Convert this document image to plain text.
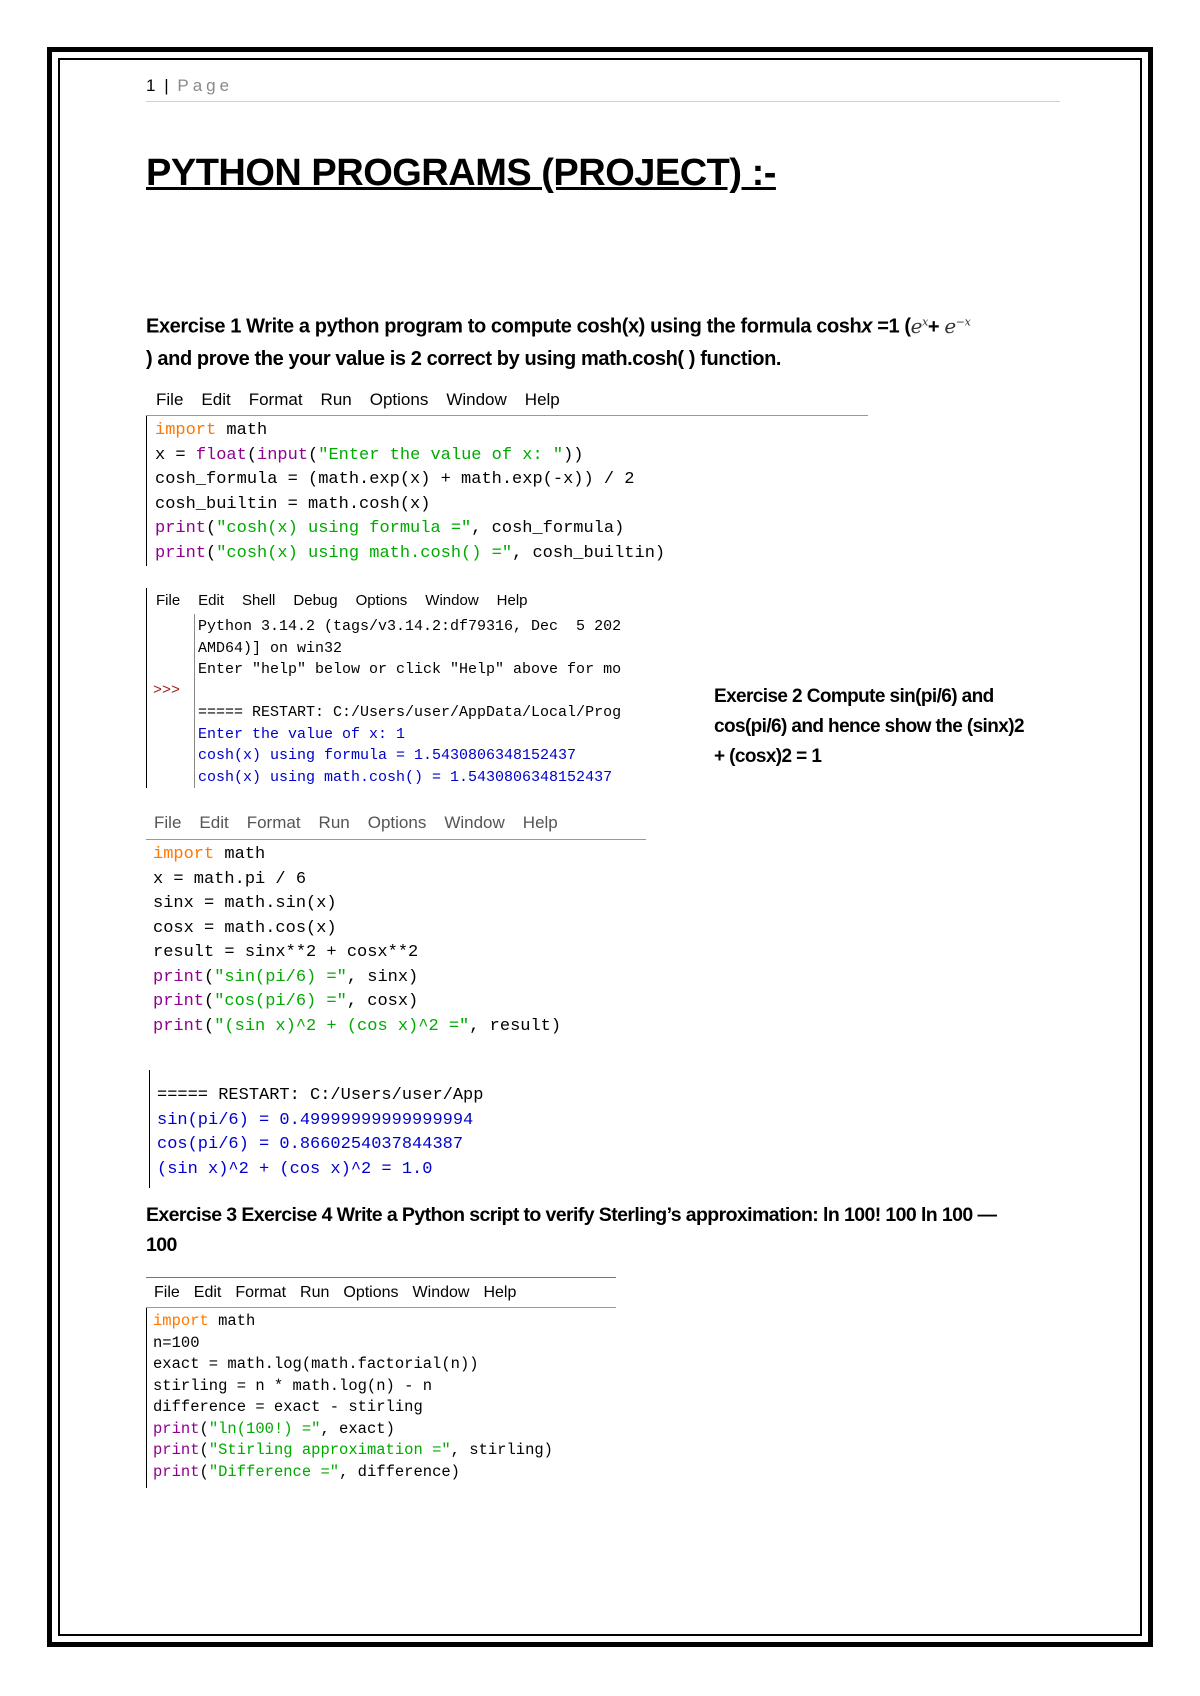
1 | Page
PYTHON PROGRAMS (PROJECT) :-
Exercise 1 Write a python program to compute cosh(x) using the formula coshx =1 ($e^x+ e^{-x}$
) and prove the your value is 2 correct by using math.cosh( ) function.
File Edit Format Run Options Window Help
import math
x = float(input("Enter the value of x: "))
cosh_formula = (math.exp(x) + math.exp(-x)) / 2
cosh_builtin = math.cosh(x)
print("cosh(x) using formula =", cosh_formula)
print("cosh(x) using math.cosh() =", cosh_builtin)
File Edit Shell Debug Options Window Help
>>>
Python 3.14.2 (tags/v3.14.2:df79316, Dec  5 202
AMD64)] on win32
Enter "help" below or click "Help" above for mo

===== RESTART: C:/Users/user/AppData/Local/Prog
Enter the value of x: 1
cosh(x) using formula = 1.5430806348152437
cosh(x) using math.cosh() = 1.5430806348152437
Exercise 2 Compute sin(pi/6) and
cos(pi/6) and hence show the (sinx)2
+ (cosx)2 = 1
File Edit Format Run Options Window Help
import math
x = math.pi / 6
sinx = math.sin(x)
cosx = math.cos(x)
result = sinx**2 + cosx**2
print("sin(pi/6) =", sinx)
print("cos(pi/6) =", cosx)
print("(sin x)^2 + (cos x)^2 =", result)
===== RESTART: C:/Users/user/App
sin(pi/6) = 0.49999999999999994
cos(pi/6) = 0.8660254037844387
(sin x)^2 + (cos x)^2 = 1.0
Exercise 3 Exercise 4 Write a Python script to verify Sterling’s approximation: ln 100! 100 ln 100 —
100
File Edit Format Run Options Window Help
import math
n=100
exact = math.log(math.factorial(n))
stirling = n * math.log(n) - n
difference = exact - stirling
print("ln(100!) =", exact)
print("Stirling approximation =", stirling)
print("Difference =", difference)
